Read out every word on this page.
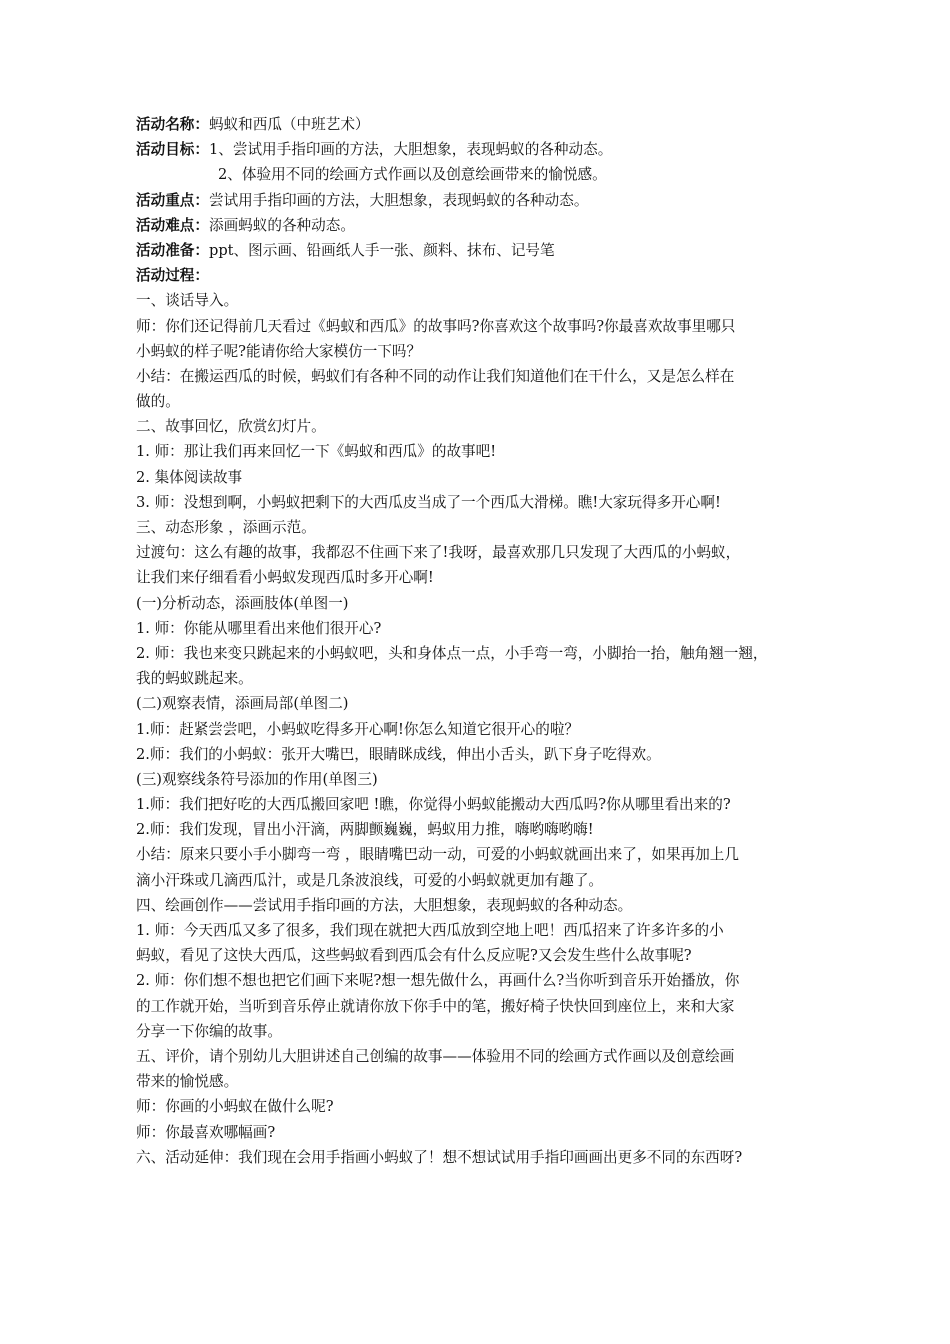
活动名称：蚂蚁和西瓜（中班艺术）
活动目标：1、尝试用手指印画的方法，大胆想象，表现蚂蚁的各种动态。
2、体验用不同的绘画方式作画以及创意绘画带来的愉悦感。
活动重点：尝试用手指印画的方法，大胆想象，表现蚂蚁的各种动态。
活动难点：添画蚂蚁的各种动态。
活动准备：ppt、图示画、铅画纸人手一张、颜料、抹布、记号笔
活动过程：
一、谈话导入。
师：你们还记得前几天看过《蚂蚁和西瓜》的故事吗?你喜欢这个故事吗?你最喜欢故事里哪只
小蚂蚁的样子呢?能请你给大家模仿一下吗？
小结：在搬运西瓜的时候，蚂蚁们有各种不同的动作让我们知道他们在干什么，又是怎么样在
做的。
二、故事回忆，欣赏幻灯片。
1. 师：那让我们再来回忆一下《蚂蚁和西瓜》的故事吧!
2. 集体阅读故事
3. 师：没想到啊，小蚂蚁把剩下的大西瓜皮当成了一个西瓜大滑梯。瞧!大家玩得多开心啊!
三、动态形象 ，添画示范。
过渡句：这么有趣的故事，我都忍不住画下来了!我呀，最喜欢那几只发现了大西瓜的小蚂蚁，
让我们来仔细看看小蚂蚁发现西瓜时多开心啊!
(一)分析动态，添画肢体(单图一)
1. 师：你能从哪里看出来他们很开心?
2. 师：我也来变只跳起来的小蚂蚁吧，头和身体点一点，小手弯一弯，小脚抬一抬，触角翘一翘，
我的蚂蚁跳起来。
(二)观察表情，添画局部(单图二)
1.师：赶紧尝尝吧，小蚂蚁吃得多开心啊!你怎么知道它很开心的啦？
2.师：我们的小蚂蚁：张开大嘴巴，眼睛眯成线，伸出小舌头，趴下身子吃得欢。
(三)观察线条符号添加的作用(单图三)
1.师：我们把好吃的大西瓜搬回家吧 !瞧，你觉得小蚂蚁能搬动大西瓜吗?你从哪里看出来的?
2.师：我们发现，冒出小汗滴，两脚颤巍巍，蚂蚁用力推，嗨哟嗨哟嗨!
小结：原来只要小手小脚弯一弯 ，眼睛嘴巴动一动，可爱的小蚂蚁就画出来了，如果再加上几
滴小汗珠或几滴西瓜汁，或是几条波浪线，可爱的小蚂蚁就更加有趣了。
四、绘画创作——尝试用手指印画的方法，大胆想象，表现蚂蚁的各种动态。
1. 师：今天西瓜又多了很多，我们现在就把大西瓜放到空地上吧！西瓜招来了许多许多的小
蚂蚁，看见了这快大西瓜，这些蚂蚁看到西瓜会有什么反应呢?又会发生些什么故事呢?
2. 师：你们想不想也把它们画下来呢?想一想先做什么，再画什么?当你听到音乐开始播放，你
的工作就开始，当听到音乐停止就请你放下你手中的笔，搬好椅子快快回到座位上，来和大家
分享一下你编的故事。
五、评价，请个别幼儿大胆讲述自己创编的故事——体验用不同的绘画方式作画以及创意绘画
带来的愉悦感。
师：你画的小蚂蚁在做什么呢?
师：你最喜欢哪幅画?
六、活动延伸：我们现在会用手指画小蚂蚁了！想不想试试用手指印画画出更多不同的东西呀?
